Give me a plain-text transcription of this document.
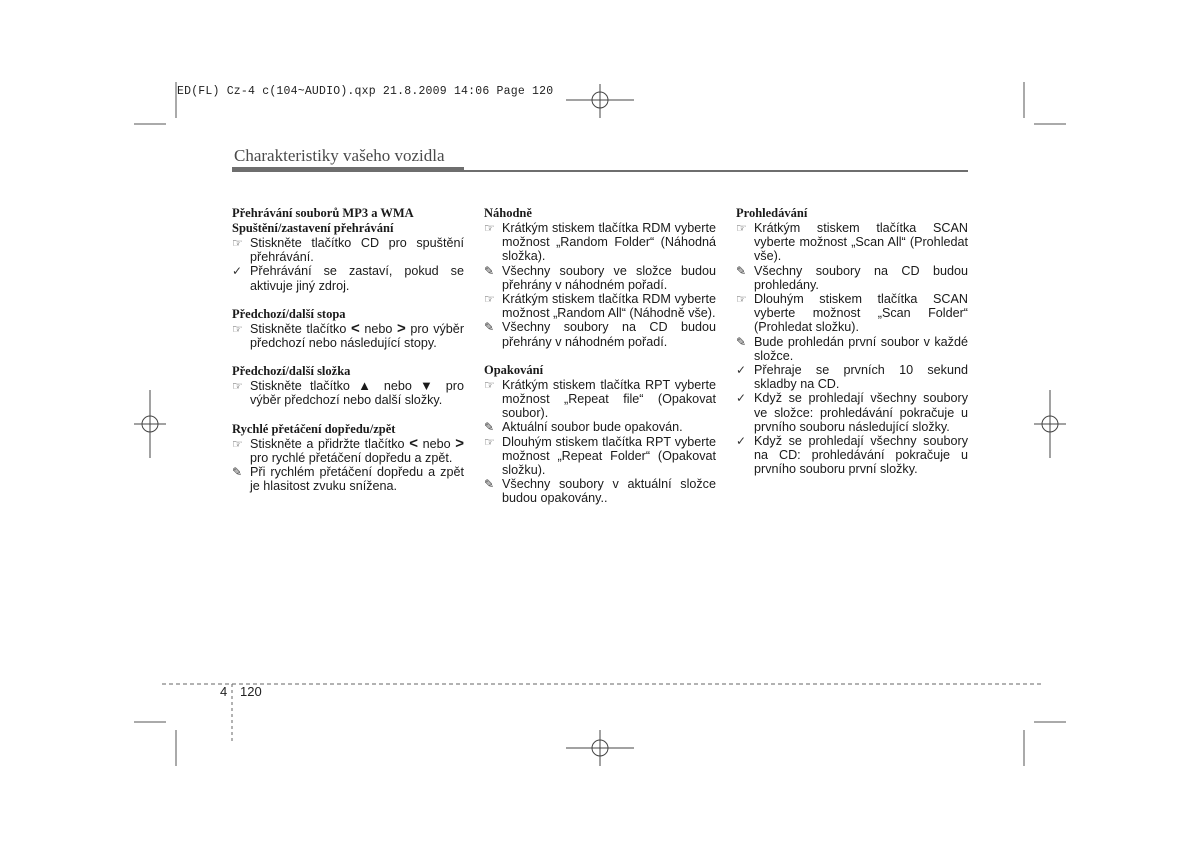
ED(FL) Cz-4 c(104~AUDIO).qxp 21.8.2009 14:06 Page 120
Charakteristiky vašeho vozidla

Přehrávání souborů MP3 a WMA

Spuštění/zastavení přehrávání

☞ Stiskněte tlačítko CD pro spuštění přehrávání.

✓ Přehrávání se zastaví, pokud se aktivuje jiný zdroj.

Předchozí/další stopa

☞ Stiskněte tlačítko < nebo > pro výběr předchozí nebo následující stopy.

Předchozí/další složka

☞ Stiskněte tlačítko ▲ nebo ▼ pro výběr předchozí nebo další složky.

Rychlé přetáčení dopředu/zpět

☞ Stiskněte a přidržte tlačítko < nebo > pro rychlé přetáčení dopředu a zpět.

✎ Při rychlém přetáčení dopředu a zpět je hlasitost zvuku snížena.

Náhodně

☞ Krátkým stiskem tlačítka RDM vyberte možnost „Random Folder“ (Náhodná složka).

✎ Všechny soubory ve složce budou přehrány v náhodném pořadí.

☞ Krátkým stiskem tlačítka RDM vyberte možnost „Random All“ (Náhodně vše).

✎ Všechny soubory na CD budou přehrány v náhodném pořadí.

Opakování

☞ Krátkým stiskem tlačítka RPT vyberte možnost „Repeat file“ (Opakovat soubor).

✎ Aktuální soubor bude opakován.

☞ Dlouhým stiskem tlačítka RPT vyberte možnost „Repeat Folder“ (Opakovat složku).

✎ Všechny soubory v aktuální složce budou opakovány..

Prohledávání

☞ Krátkým stiskem tlačítka SCAN vyberte možnost „Scan All“ (Prohledat vše).

✎ Všechny soubory na CD budou prohledány.

☞ Dlouhým stiskem tlačítka SCAN vyberte možnost „Scan Folder“ (Prohledat složku).

✎ Bude prohledán první soubor v každé složce.

✓ Přehraje se prvních 10 sekund skladby na CD.

✓ Když se prohledají všechny soubory ve složce: prohledávání pokračuje u prvního souboru následující složky.

✓ Když se prohledají všechny soubory na CD: prohledávání pokračuje u prvního souboru první složky.

4 120
